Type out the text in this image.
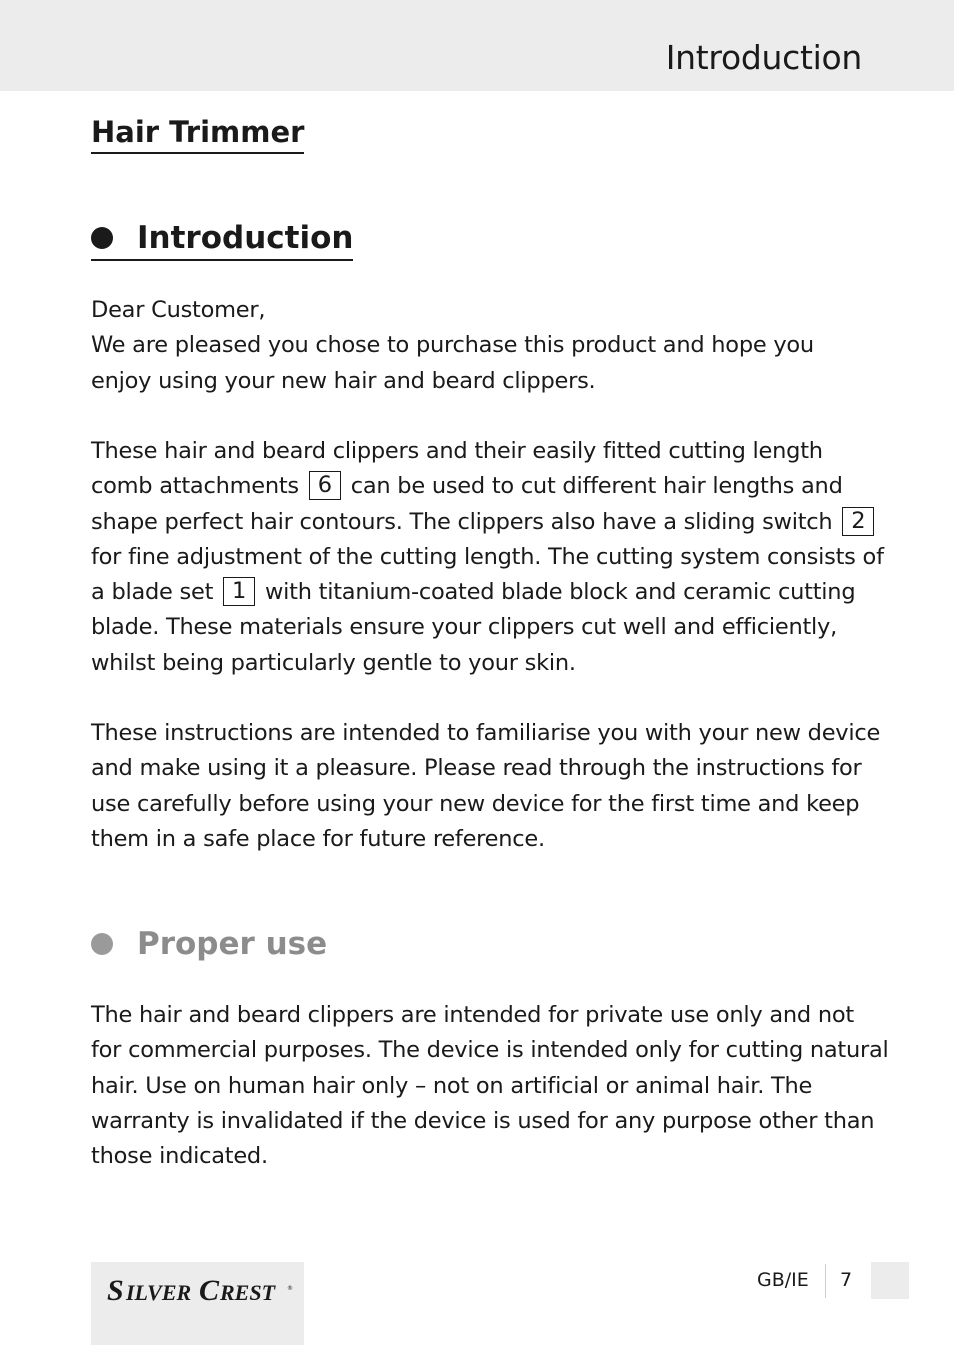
Introduction
Hair Trimmer
Introduction
Dear Customer,
We are pleased you chose to purchase this product and hope you
enjoy using your new hair and beard clippers.
These hair and beard clippers and their easily fitted cutting length
comb attachments 6 can be used to cut different hair lengths and
shape perfect hair contours. The clippers also have a sliding switch 2
for fine adjustment of the cutting length. The cutting system consists of
a blade set 1 with titanium-coated blade block and ceramic cutting
blade. These materials ensure your clippers cut well and efficiently,
whilst being particularly gentle to your skin.
These instructions are intended to familiarise you with your new device
and make using it a pleasure. Please read through the instructions for
use carefully before using your new device for the first time and keep
them in a safe place for future reference.
Proper use
The hair and beard clippers are intended for private use only and not
for commercial purposes. The device is intended only for cutting natural
hair. Use on human hair only – not on artificial or animal hair. The
warranty is invalidated if the device is used for any purpose other than
those indicated.
S ILVER C REST ®	GB/IE 7
